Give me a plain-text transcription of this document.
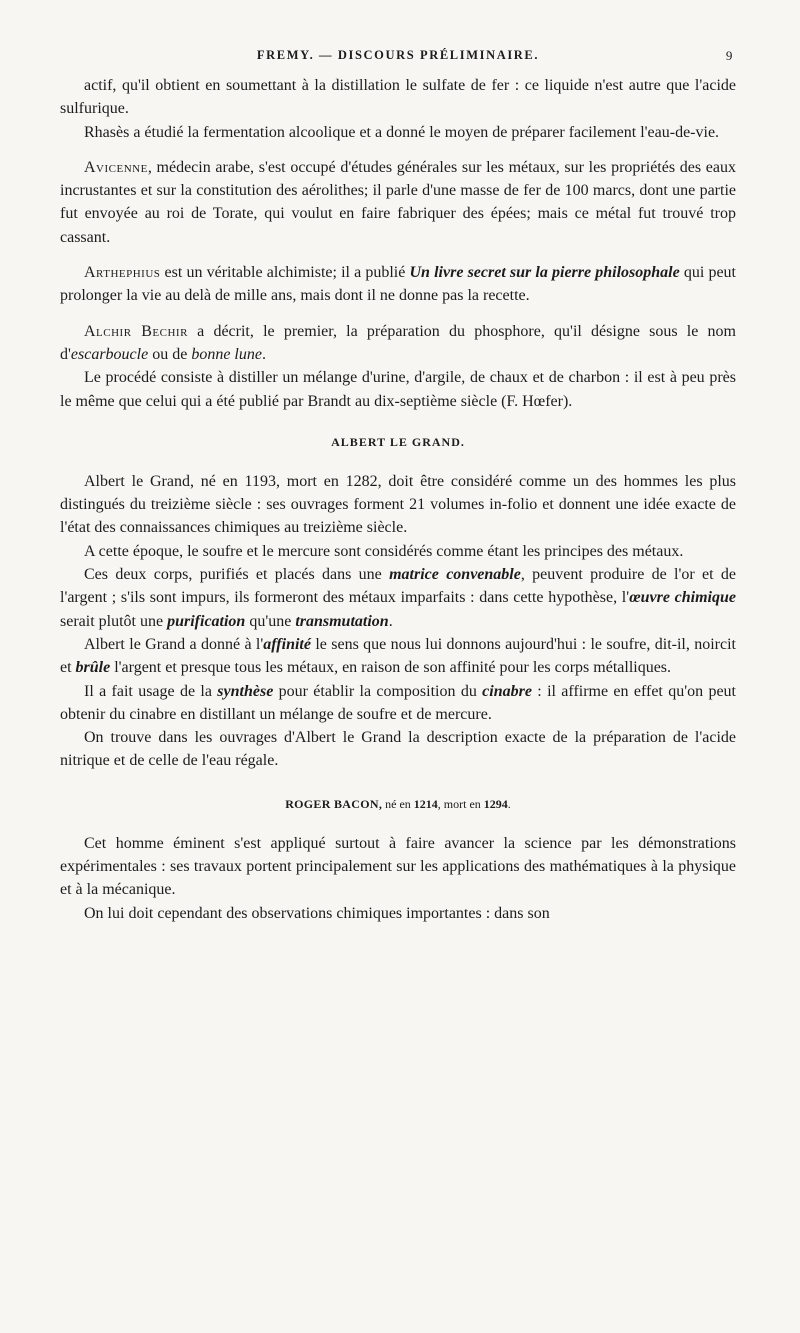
FREMY. — DISCOURS PRÉLIMINAIRE.	9

actif, qu'il obtient en soumettant à la distillation le sulfate de fer : ce liquide n'est autre que l'acide sulfurique.

Rhasès a étudié la fermentation alcoolique et a donné le moyen de préparer facilement l'eau-de-vie.

Avicenne, médecin arabe, s'est occupé d'études générales sur les métaux, sur les propriétés des eaux incrustantes et sur la constitution des aérolithes; il parle d'une masse de fer de 100 marcs, dont une partie fut envoyée au roi de Torate, qui voulut en faire fabriquer des épées; mais ce métal fut trouvé trop cassant.

Arthephius est un véritable alchimiste; il a publié Un livre secret sur la pierre philosophale qui peut prolonger la vie au delà de mille ans, mais dont il ne donne pas la recette.

Alchir Bechir a décrit, le premier, la préparation du phosphore, qu'il désigne sous le nom d'escarboucle ou de bonne lune.

Le procédé consiste à distiller un mélange d'urine, d'argile, de chaux et de charbon : il est à peu près le même que celui qui a été publié par Brandt au dix-septième siècle (F. Hœfer).

ALBERT LE GRAND.

Albert le Grand, né en 1193, mort en 1282, doit être considéré comme un des hommes les plus distingués du treizième siècle : ses ouvrages forment 21 volumes in-folio et donnent une idée exacte de l'état des connaissances chimiques au treizième siècle.

A cette époque, le soufre et le mercure sont considérés comme étant les principes des métaux.

Ces deux corps, purifiés et placés dans une matrice convenable, peuvent produire de l'or et de l'argent ; s'ils sont impurs, ils formeront des métaux imparfaits : dans cette hypothèse, l'œuvre chimique serait plutôt une purification qu'une transmutation.

Albert le Grand a donné à l'affinité le sens que nous lui donnons aujourd'hui : le soufre, dit-il, noircit et brûle l'argent et presque tous les métaux, en raison de son affinité pour les corps métalliques.

Il a fait usage de la synthèse pour établir la composition du cinabre : il affirme en effet qu'on peut obtenir du cinabre en distillant un mélange de soufre et de mercure.

On trouve dans les ouvrages d'Albert le Grand la description exacte de la préparation de l'acide nitrique et de celle de l'eau régale.

ROGER BACON, né en 1214, mort en 1294.

Cet homme éminent s'est appliqué surtout à faire avancer la science par les démonstrations expérimentales : ses travaux portent principalement sur les applications des mathématiques à la physique et à la mécanique.

On lui doit cependant des observations chimiques importantes : dans son
